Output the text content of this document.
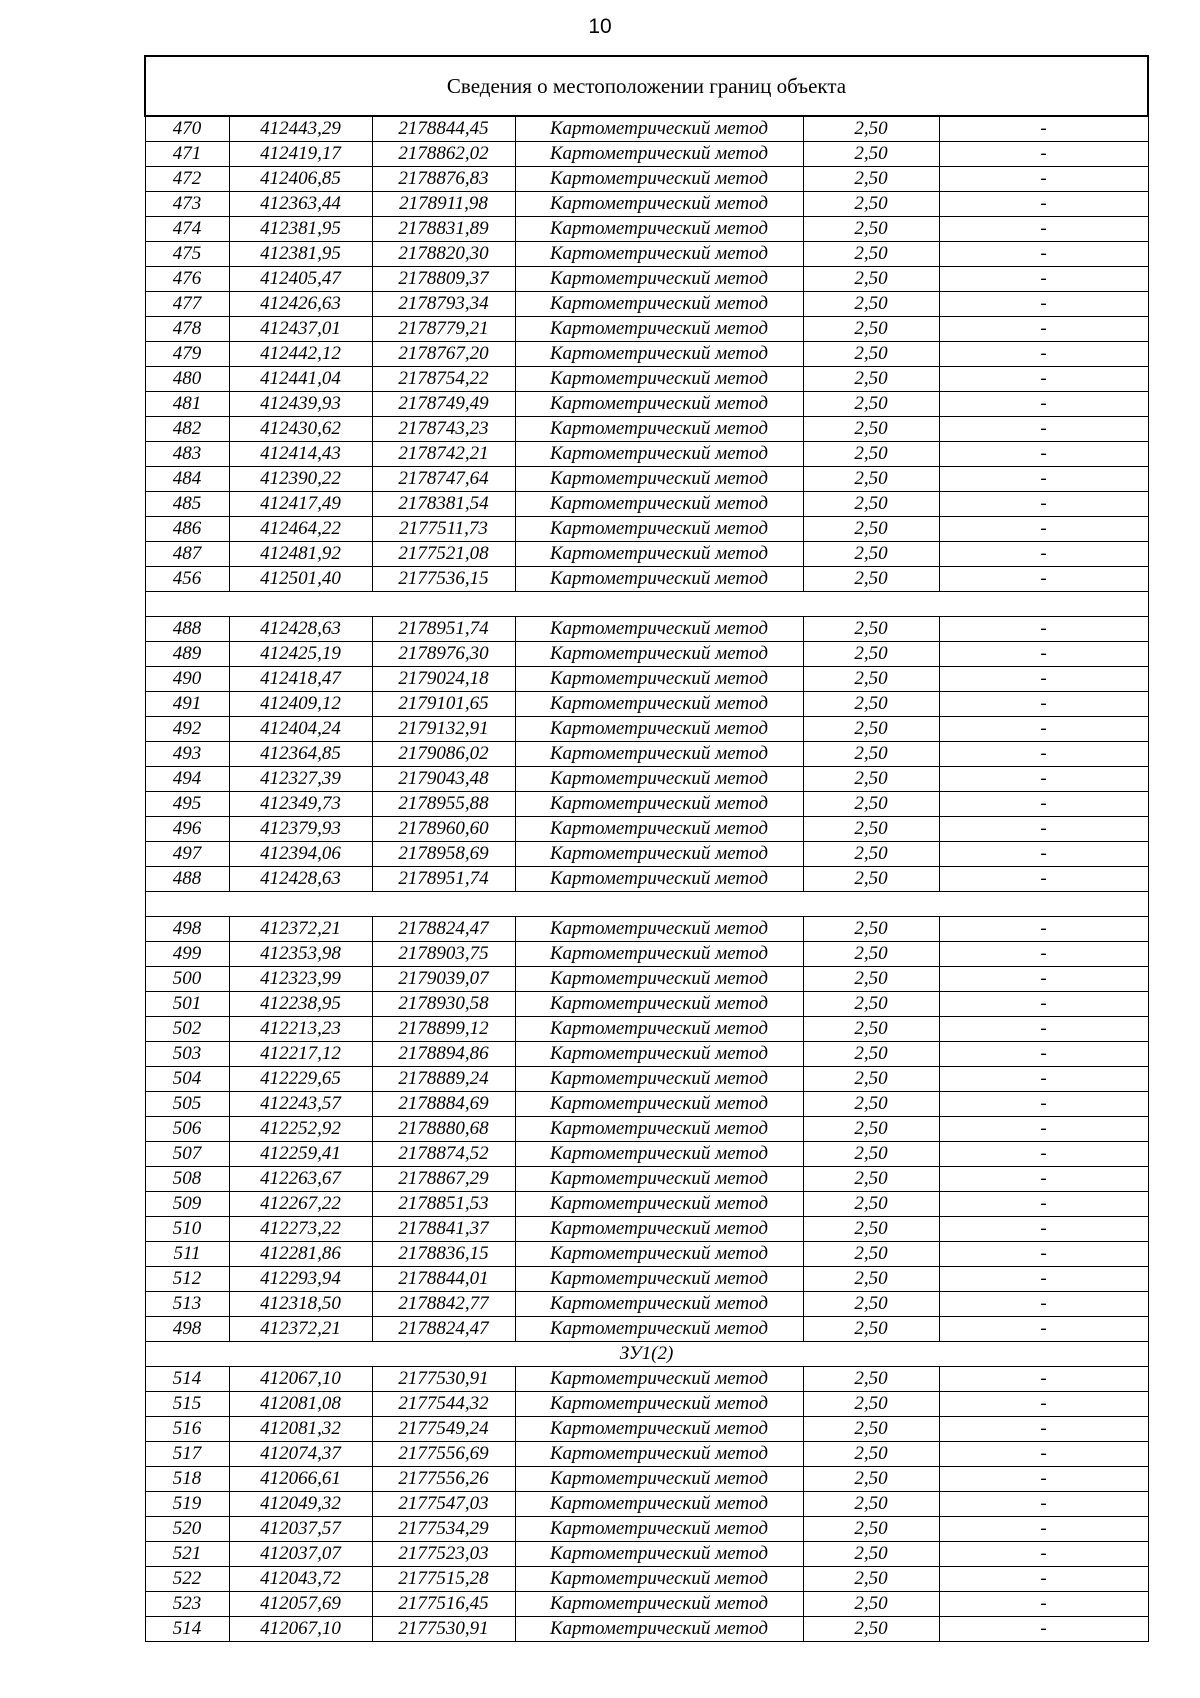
10
Сведения о местоположении границ объекта					
470	412443,29	2178844,45	Картометрический метод	2,50	-
471	412419,17	2178862,02	Картометрический метод	2,50	-
472	412406,85	2178876,83	Картометрический метод	2,50	-
473	412363,44	2178911,98	Картометрический метод	2,50	-
474	412381,95	2178831,89	Картометрический метод	2,50	-
475	412381,95	2178820,30	Картометрический метод	2,50	-
476	412405,47	2178809,37	Картометрический метод	2,50	-
477	412426,63	2178793,34	Картометрический метод	2,50	-
478	412437,01	2178779,21	Картометрический метод	2,50	-
479	412442,12	2178767,20	Картометрический метод	2,50	-
480	412441,04	2178754,22	Картометрический метод	2,50	-
481	412439,93	2178749,49	Картометрический метод	2,50	-
482	412430,62	2178743,23	Картометрический метод	2,50	-
483	412414,43	2178742,21	Картометрический метод	2,50	-
484	412390,22	2178747,64	Картометрический метод	2,50	-
485	412417,49	2178381,54	Картометрический метод	2,50	-
486	412464,22	2177511,73	Картометрический метод	2,50	-
487	412481,92	2177521,08	Картометрический метод	2,50	-
456	412501,40	2177536,15	Картометрический метод	2,50	-

488	412428,63	2178951,74	Картометрический метод	2,50	-
489	412425,19	2178976,30	Картометрический метод	2,50	-
490	412418,47	2179024,18	Картометрический метод	2,50	-
491	412409,12	2179101,65	Картометрический метод	2,50	-
492	412404,24	2179132,91	Картометрический метод	2,50	-
493	412364,85	2179086,02	Картометрический метод	2,50	-
494	412327,39	2179043,48	Картометрический метод	2,50	-
495	412349,73	2178955,88	Картометрический метод	2,50	-
496	412379,93	2178960,60	Картометрический метод	2,50	-
497	412394,06	2178958,69	Картометрический метод	2,50	-
488	412428,63	2178951,74	Картометрический метод	2,50	-

498	412372,21	2178824,47	Картометрический метод	2,50	-
499	412353,98	2178903,75	Картометрический метод	2,50	-
500	412323,99	2179039,07	Картометрический метод	2,50	-
501	412238,95	2178930,58	Картометрический метод	2,50	-
502	412213,23	2178899,12	Картометрический метод	2,50	-
503	412217,12	2178894,86	Картометрический метод	2,50	-
504	412229,65	2178889,24	Картометрический метод	2,50	-
505	412243,57	2178884,69	Картометрический метод	2,50	-
506	412252,92	2178880,68	Картометрический метод	2,50	-
507	412259,41	2178874,52	Картометрический метод	2,50	-
508	412263,67	2178867,29	Картометрический метод	2,50	-
509	412267,22	2178851,53	Картометрический метод	2,50	-
510	412273,22	2178841,37	Картометрический метод	2,50	-
511	412281,86	2178836,15	Картометрический метод	2,50	-
512	412293,94	2178844,01	Картометрический метод	2,50	-
513	412318,50	2178842,77	Картометрический метод	2,50	-
498	412372,21	2178824,47	Картометрический метод	2,50	-
ЗУ1(2)					
514	412067,10	2177530,91	Картометрический метод	2,50	-
515	412081,08	2177544,32	Картометрический метод	2,50	-
516	412081,32	2177549,24	Картометрический метод	2,50	-
517	412074,37	2177556,69	Картометрический метод	2,50	-
518	412066,61	2177556,26	Картометрический метод	2,50	-
519	412049,32	2177547,03	Картометрический метод	2,50	-
520	412037,57	2177534,29	Картометрический метод	2,50	-
521	412037,07	2177523,03	Картометрический метод	2,50	-
522	412043,72	2177515,28	Картометрический метод	2,50	-
523	412057,69	2177516,45	Картометрический метод	2,50	-
514	412067,10	2177530,91	Картометрический метод	2,50	-
